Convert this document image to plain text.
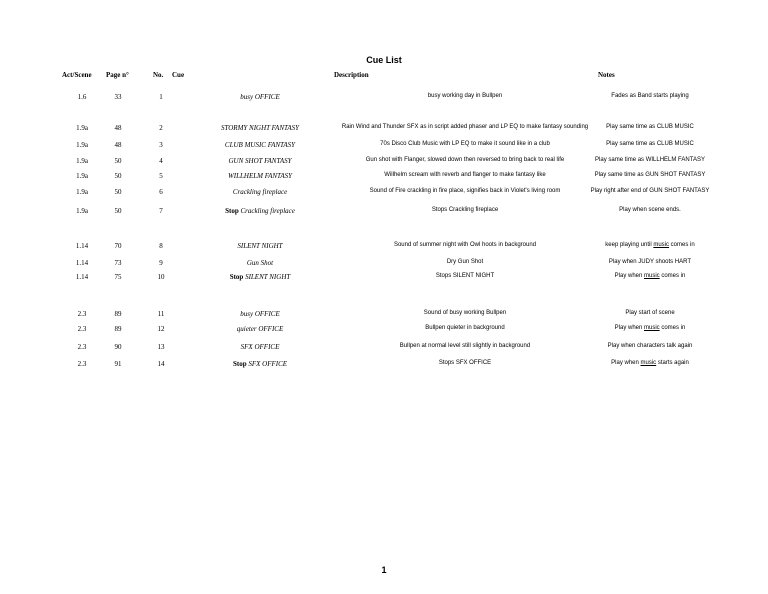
Cue List
Act/Scene Page n°	No. Cue	Description	Notes
1.6	33	1	busy OFFICE	busy working day in Bullpen	Fades as Band starts playing
1.9a	48	2	STORMY NIGHT FANTASY	Rain Wind and Thunder SFX as in script added phaser and LP EQ to make fantasy sounding	Play same time as CLUB MUSIC
1.9a	48	3	CLUB MUSIC FANTASY	70s Disco Club Music with LP EQ to make it sound like in a club	Play same time as CLUB MUSIC
1.9a	50	4	GUN SHOT FANTASY	Gun shot with Flanger, slowed down then reversed to bring back to real life	Play same time as WILLHELM FANTASY
1.9a	50	5	WILLHELM FANTASY	Willhelm scream with reverb and flanger to make fantasy like	Play same time as GUN SHOT FANTASY
1.9a	50	6	Crackling fireplace	Sound of Fire crackling in fire place, signifies back in Violet's living room	Play right after end of GUN SHOT FANTASY
1.9a	50	7	Stop Crackling fireplace	Stops Crackling fireplace	Play when scene ends.
1.14	70	8	SILENT NIGHT	Sound of summer night with Owl hoots in background	keep playing until music comes in
1.14	73	9	Gun Shot	Dry Gun Shot	Play when JUDY shoots HART
1.14	75	10	Stop SILENT NIGHT	Stops SILENT NIGHT	Play when music comes in
2.3	89	11	busy OFFICE	Sound of busy working Bullpen	Play start of scene
2.3	89	12	quieter OFFICE	Bullpen quieter in background	Play when music comes in
2.3	90	13	SFX OFFICE	Bullpen at normal level still slightly in background	Play when characters talk again
2.3	91	14	Stop SFX OFFICE	Stops SFX OFFICE	Play when music starts again
1
